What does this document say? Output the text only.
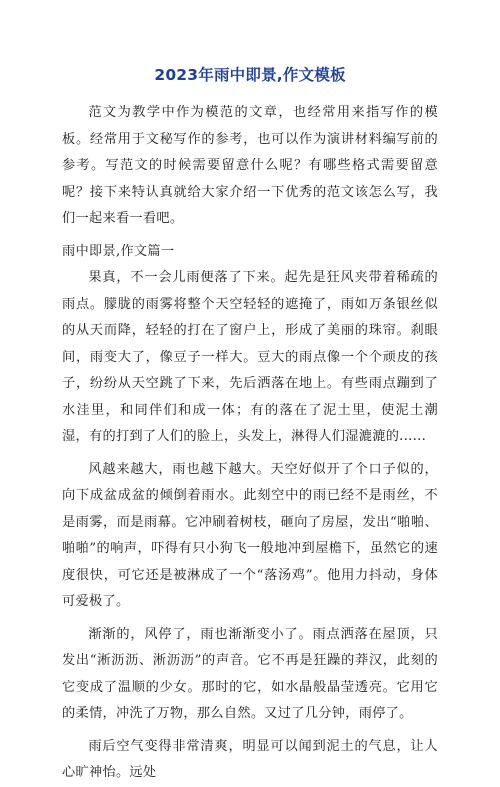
2023年雨中即景,作文模板

范文为教学中作为模范的文章，也经常用来指写作的模板。经常用于文秘写作的参考，也可以作为演讲材料编写前的参考。写范文的时候需要留意什么呢？有哪些格式需要留意呢？接下来特认真就给大家介绍一下优秀的范文该怎么写，我们一起来看一看吧。

雨中即景,作文篇一

果真，不一会儿雨便落了下来。起先是狂风夹带着稀疏的雨点。朦胧的雨雾将整个天空轻轻的遮掩了，雨如万条银丝似的从天而降，轻轻的打在了窗户上，形成了美丽的珠帘。刹眼间，雨变大了，像豆子一样大。豆大的雨点像一个个顽皮的孩子，纷纷从天空跳了下来，先后洒落在地上。有些雨点蹦到了水洼里，和同伴们和成一体；有的落在了泥土里，使泥土潮湿，有的打到了人们的脸上，头发上，淋得人们湿漉漉的......

风越来越大，雨也越下越大。天空好似开了个口子似的，向下成盆成盆的倾倒着雨水。此刻空中的雨已经不是雨丝，不是雨雾，而是雨幕。它冲刷着树枝，砸向了房屋，发出“啪啪、啪啪”的响声，吓得有只小狗飞一般地冲到屋檐下，虽然它的速度很快，可它还是被淋成了一个“落汤鸡”。他用力抖动，身体可爱极了。

渐渐的，风停了，雨也渐渐变小了。雨点洒落在屋顶，只发出“淅沥沥、淅沥沥”的声音。它不再是狂躁的莽汉，此刻的它变成了温顺的少女。那时的它，如水晶般晶莹透亮。它用它的柔情，冲洗了万物，那么自然。又过了几分钟，雨停了。

雨后空气变得非常清爽，明显可以闻到泥土的气息，让人心旷神怡。远处
